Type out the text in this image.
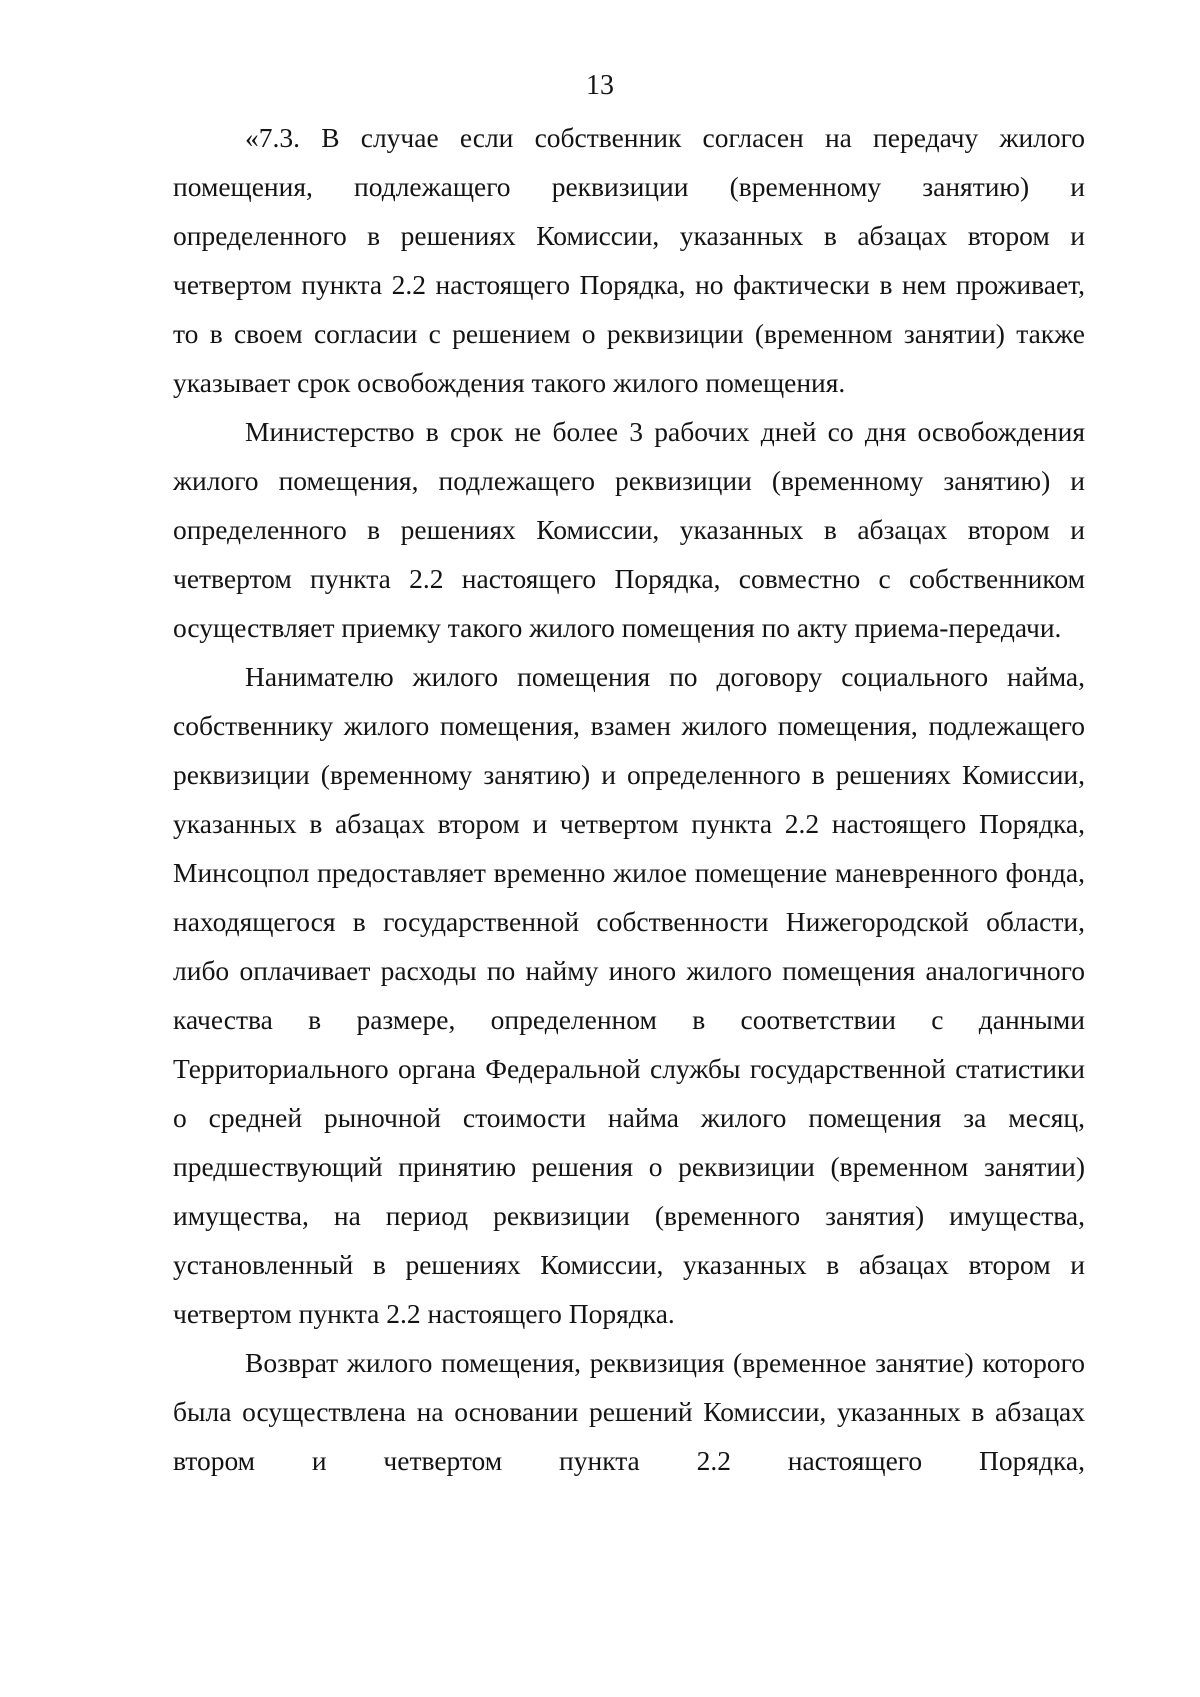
13

«7.3. В случае если собственник согласен на передачу жилого помещения, подлежащего реквизиции (временному занятию) и определенного в решениях Комиссии, указанных в абзацах втором и четвертом пункта 2.2 настоящего Порядка, но фактически в нем проживает, то в своем согласии с решением о реквизиции (временном занятии) также указывает срок освобождения такого жилого помещения.

Министерство в срок не более 3 рабочих дней со дня освобождения жилого помещения, подлежащего реквизиции (временному занятию) и определенного в решениях Комиссии, указанных в абзацах втором и четвертом пункта 2.2 настоящего Порядка, совместно с собственником осуществляет приемку такого жилого помещения по акту приема-передачи.

Нанимателю жилого помещения по договору социального найма, собственнику жилого помещения, взамен жилого помещения, подлежащего реквизиции (временному занятию) и определенного в решениях Комиссии, указанных в абзацах втором и четвертом пункта 2.2 настоящего Порядка, Минсоцпол предоставляет временно жилое помещение маневренного фонда, находящегося в государственной собственности Нижегородской области, либо оплачивает расходы по найму иного жилого помещения аналогичного качества в размере, определенном в соответствии с данными Территориального органа Федеральной службы государственной статистики о средней рыночной стоимости найма жилого помещения за месяц, предшествующий принятию решения о реквизиции (временном занятии) имущества, на период реквизиции (временного занятия) имущества, установленный в решениях Комиссии, указанных в абзацах втором и четвертом пункта 2.2 настоящего Порядка.

Возврат жилого помещения, реквизиция (временное занятие) которого была осуществлена на основании решений Комиссии, указанных в абзацах втором и четвертом пункта 2.2 настоящего Порядка,
